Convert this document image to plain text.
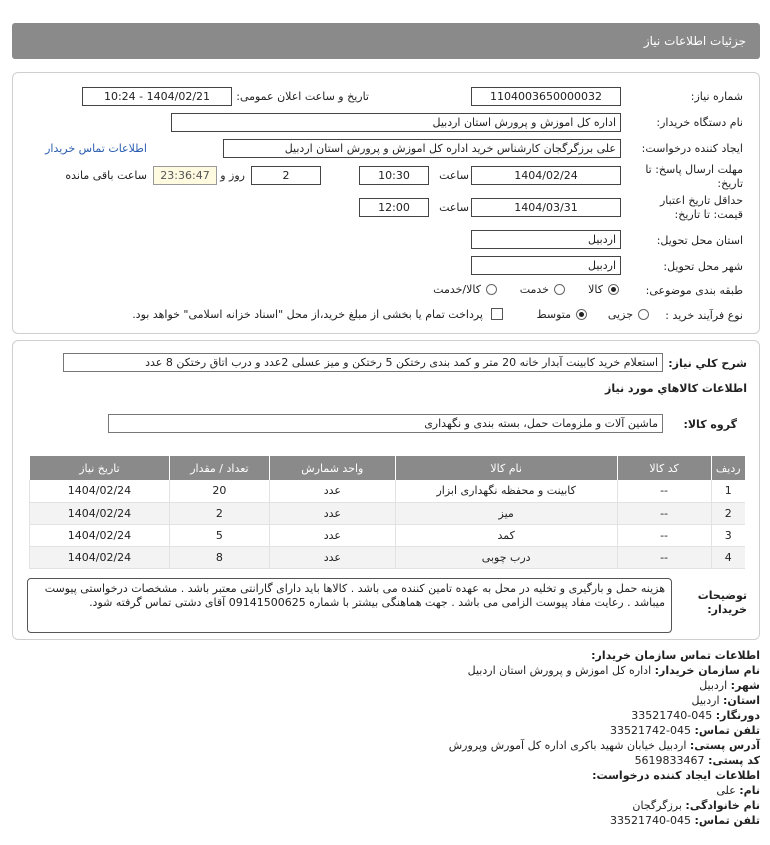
جزئیات اطلاعات نیاز
شماره نیاز:
1104003650000032
تاریخ و ساعت اعلان عمومی:
1404/02/21 - 10:24
نام دستگاه خریدار:
اداره کل اموزش و پرورش استان اردبیل
ایجاد کننده درخواست:
علی برزگرگجان کارشناس خرید اداره کل اموزش و پرورش استان اردبیل
اطلاعات تماس خریدار
مهلت ارسال پاسخ: تا
تاریخ:
1404/02/24
ساعت
10:30
2
روز و
23:36:47
ساعت باقی مانده
حداقل تاریخ اعتبار
قیمت: تا تاریخ:
1404/03/31
ساعت
12:00
استان محل تحویل:
اردبیل
شهر محل تحویل:
اردبیل
طبقه بندی موضوعی:
کالا
خدمت
کالا/خدمت
نوع فرآیند خرید :
جزیی
متوسط
پرداخت تمام یا بخشی از مبلغ خرید،از محل "اسناد خزانه اسلامی" خواهد بود.
شرح کلي نياز:
استعلام خرید کابینت آبدار خانه 20 متر و کمد بندی رختکن 5 رختکن و میز عسلی 2عدد و درب اتاق رختکن 8 عدد
اطلاعات کالاهاي مورد نياز
گروه کالا:
ماشین آلات و ملزومات حمل، بسته بندی و نگهداری
ردیف	کد کالا	نام کالا	واحد شمارش	تعداد / مقدار	تاریخ نیاز
1	--	کابینت و محفظه نگهداری ابزار	عدد	20	1404/02/24
2	--	میز	عدد	2	1404/02/24
3	--	کمد	عدد	5	1404/02/24
4	--	درب چوبی	عدد	8	1404/02/24
توضیحات
خریدار:
هزینه حمل و بارگیری و تخلیه در محل به عهده تامین کننده می باشد . کالاها باید دارای گارانتی معتبر باشد . مشخصات درخواستی پیوست میباشد . رعایت مفاد پیوست الزامی می باشد . جهت هماهنگی بیشتر با شماره 09141500625 آقای دشتی تماس گرفته شود.
اطلاعات تماس سازمان خریدار:
نام سازمان خریدار: اداره کل اموزش و پرورش استان اردبیل
شهر: اردبیل
استان: اردبیل
دورنگار: 045-33521740
تلفن تماس: 045-33521742
آدرس پستی: اردبیل خیابان شهید باکری اداره کل آمورش وپرورش
کد پستی: 5619833467
اطلاعات ایجاد کننده درخواست:
نام: علی
نام خانوادگی: برزگرگجان
تلفن تماس: 045-33521740
